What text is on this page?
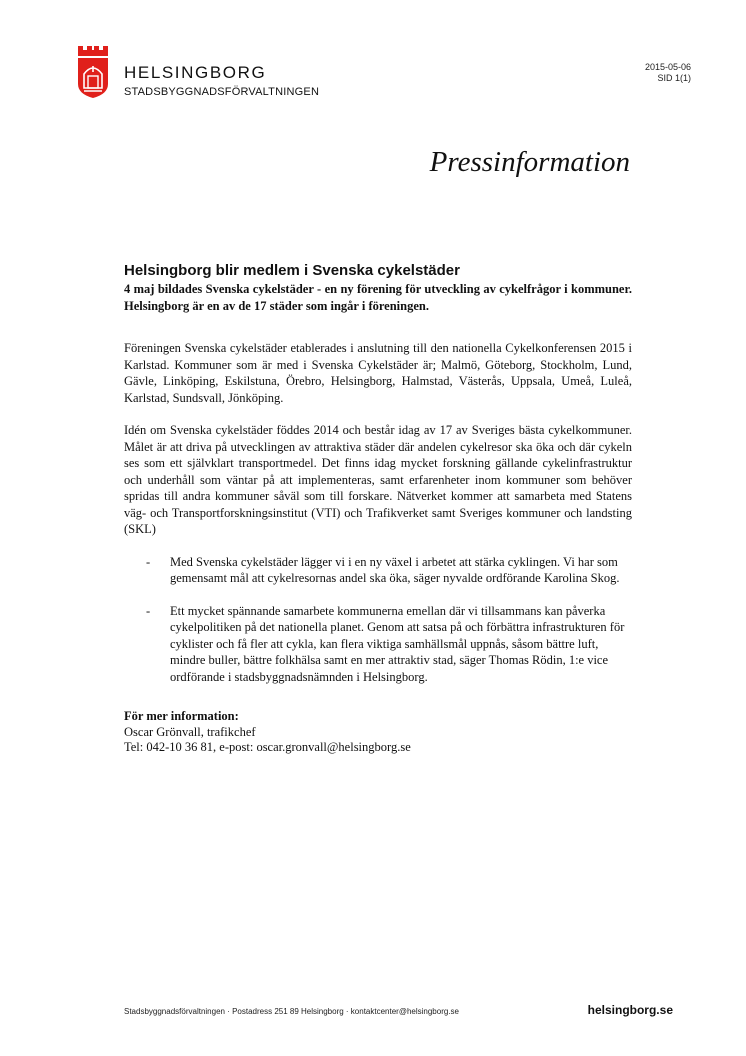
HELSINGBORG
STADSBYGGNADSFÖRVALTNINGEN
2015-05-06
SID 1(1)
Pressinformation
Helsingborg blir medlem i Svenska cykelstäder

4 maj bildades Svenska cykelstäder - en ny förening för utveckling av cykelfrågor i kommuner. Helsingborg är en av de 17 städer som ingår i föreningen.

Föreningen Svenska cykelstäder etablerades i anslutning till den nationella Cykelkonferensen 2015 i Karlstad. Kommuner som är med i Svenska Cykelstäder är; Malmö, Göteborg, Stockholm, Lund, Gävle, Linköping, Eskilstuna, Örebro, Helsingborg, Halmstad, Västerås, Uppsala, Umeå, Luleå, Karlstad, Sundsvall, Jönköping.

Idén om Svenska cykelstäder föddes 2014 och består idag av 17 av Sveriges bästa cykelkommuner. Målet är att driva på utvecklingen av attraktiva städer där andelen cykelresor ska öka och där cykeln ses som ett självklart transportmedel. Det finns idag mycket forskning gällande cykelinfrastruktur och underhåll som väntar på att implementeras, samt erfarenheter inom kommuner som behöver spridas till andra kommuner såväl som till forskare. Nätverket kommer att samarbeta med Statens väg- och Transportforskningsinstitut (VTI) och Trafikverket samt Sveriges kommuner och landsting (SKL)

- Med Svenska cykelstäder lägger vi i en ny växel i arbetet att stärka cyklingen. Vi har som gemensamt mål att cykelresornas andel ska öka, säger nyvalde ordförande Karolina Skog.
- Ett mycket spännande samarbete kommunerna emellan där vi tillsammans kan påverka cykelpolitiken på det nationella planet. Genom att satsa på och förbättra infrastrukturen för cyklister och få fler att cykla, kan flera viktiga samhällsmål uppnås, såsom bättre luft, mindre buller, bättre folkhälsa samt en mer attraktiv stad, säger Thomas Rödin, 1:e vice ordförande i stadsbyggnadsnämnden i Helsingborg.
För mer information:
Oscar Grönvall, trafikchef
Tel: 042-10 36 81, e-post: oscar.gronvall@helsingborg.se
Stadsbyggnadsförvaltningen · Postadress 251 89 Helsingborg · kontaktcenter@helsingborg.se	helsingborg.se
